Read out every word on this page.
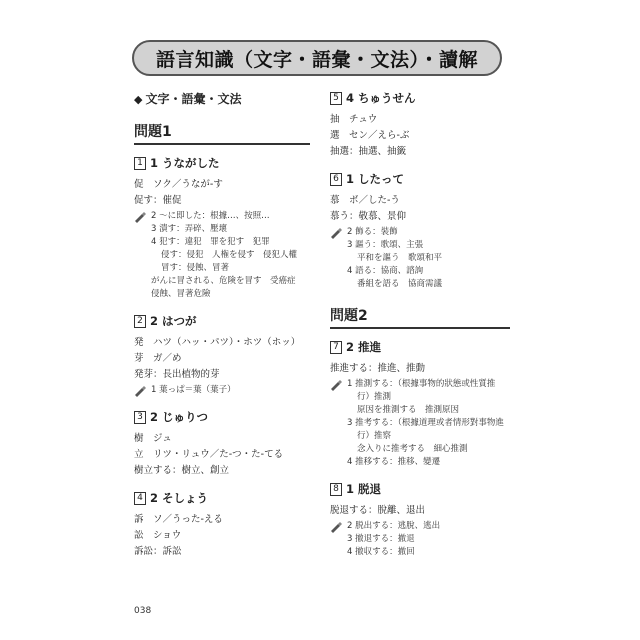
語言知識（文字・語彙・文法）・讀解
◆ 文字・語彙・文法
問題1
1 1 うながした
促　ソク／うなが-す
促す：催促
2 ～に即した：根據…、按照…
3 潰す：弄碎、壓壞
4 犯す：違犯　罪を犯す　犯罪
侵す：侵犯　人権を侵す　侵犯人權
冒す：侵蝕、冒著
がんに冒される、危険を冒す　受癌症
侵蝕、冒著危險
2 2 はつが
発　ハツ（ハッ・パツ）・ホツ（ホッ）
芽　ガ／め
発芽：長出植物的芽
1 葉っぱ＝葉（葉子）
3 2 じゅりつ
樹　ジュ
立　リツ・リュウ／た-つ・た-てる
樹立する：樹立、創立
4 2 そしょう
訴　ソ／うった-える
訟　ショウ
訴訟：訴訟
5 4 ちゅうせん
抽　チュウ
選　セン／えら-ぶ
抽選：抽選、抽籤
6 1 したって
慕　ボ／した-う
慕う：敬慕、景仰
2 飾る：裝飾
3 謳う：歌頌、主張
平和を謳う　歌頌和平
4 語る：協商、諮詢
番組を語る　協商需議
問題2
7 2 推進
推進する：推進、推動
1 推測する：（根據事物的狀態或性質推
行）推測
原因を推測する　推測原因
3 推考する：（根據道理或者情形對事物進
行）推察
念入りに推考する　細心推測
4 推移する：推移、變遷
8 1 脱退
脱退する：脫離、退出
2 脱出する：逃脫、逃出
3 撤退する：撤退
4 撤収する：撤回
038
